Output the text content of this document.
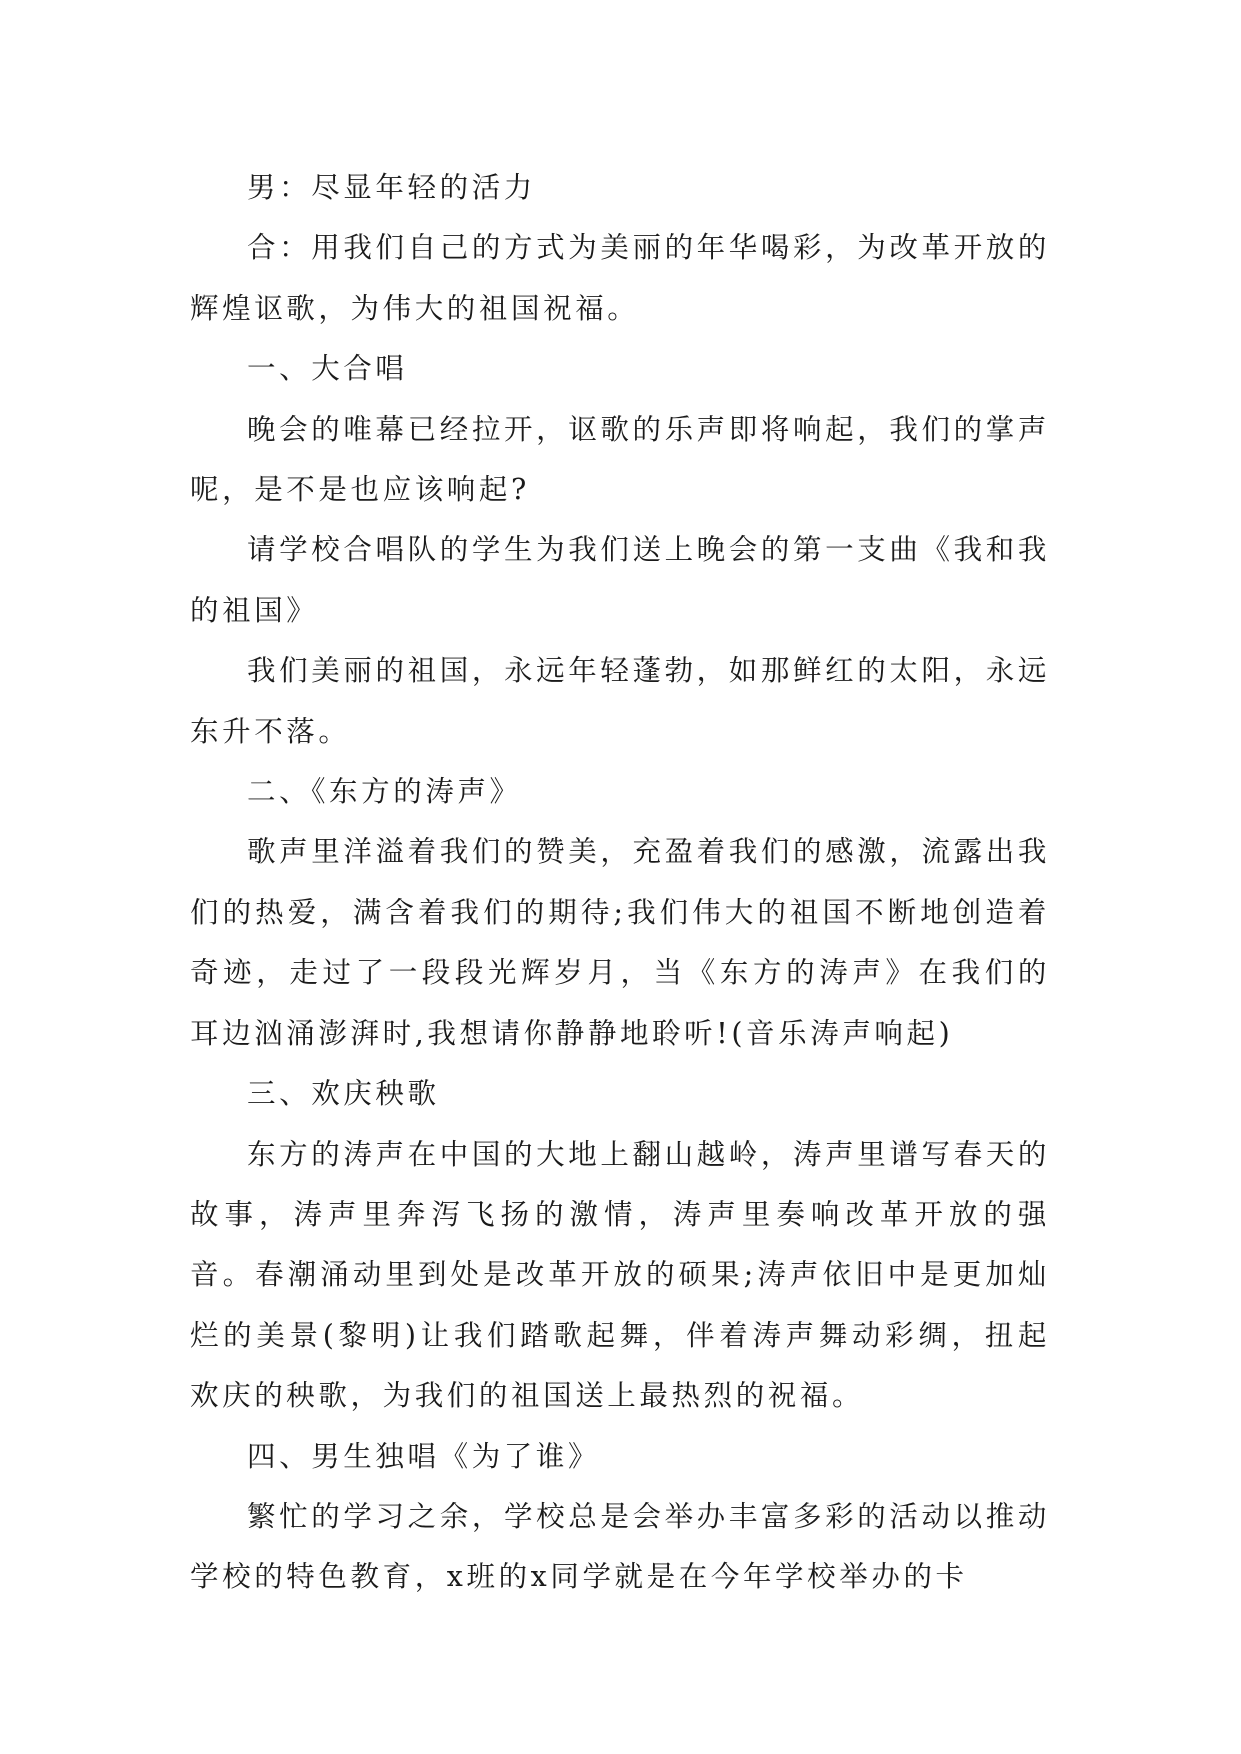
男：尽显年轻的活力

合：用我们自己的方式为美丽的年华喝彩，为改革开放的辉煌讴歌，为伟大的祖国祝福。

一、大合唱

晚会的唯幕已经拉开，讴歌的乐声即将响起，我们的掌声呢，是不是也应该响起?

请学校合唱队的学生为我们送上晚会的第一支曲《我和我的祖国》

我们美丽的祖国，永远年轻蓬勃，如那鲜红的太阳，永远东升不落。

二、《东方的涛声》

歌声里洋溢着我们的赞美，充盈着我们的感激，流露出我们的热爱，满含着我们的期待;我们伟大的祖国不断地创造着奇迹，走过了一段段光辉岁月，当《东方的涛声》在我们的耳边汹涌澎湃时,我想请你静静地聆听!(音乐涛声响起)

三、欢庆秧歌

东方的涛声在中国的大地上翻山越岭，涛声里谱写春天的故事，涛声里奔泻飞扬的激情，涛声里奏响改革开放的强音。春潮涌动里到处是改革开放的硕果;涛声依旧中是更加灿烂的美景(黎明)让我们踏歌起舞，伴着涛声舞动彩绸，扭起欢庆的秧歌，为我们的祖国送上最热烈的祝福。

四、男生独唱《为了谁》

繁忙的学习之余，学校总是会举办丰富多彩的活动以推动学校的特色教育，x班的x同学就是在今年学校举办的卡
